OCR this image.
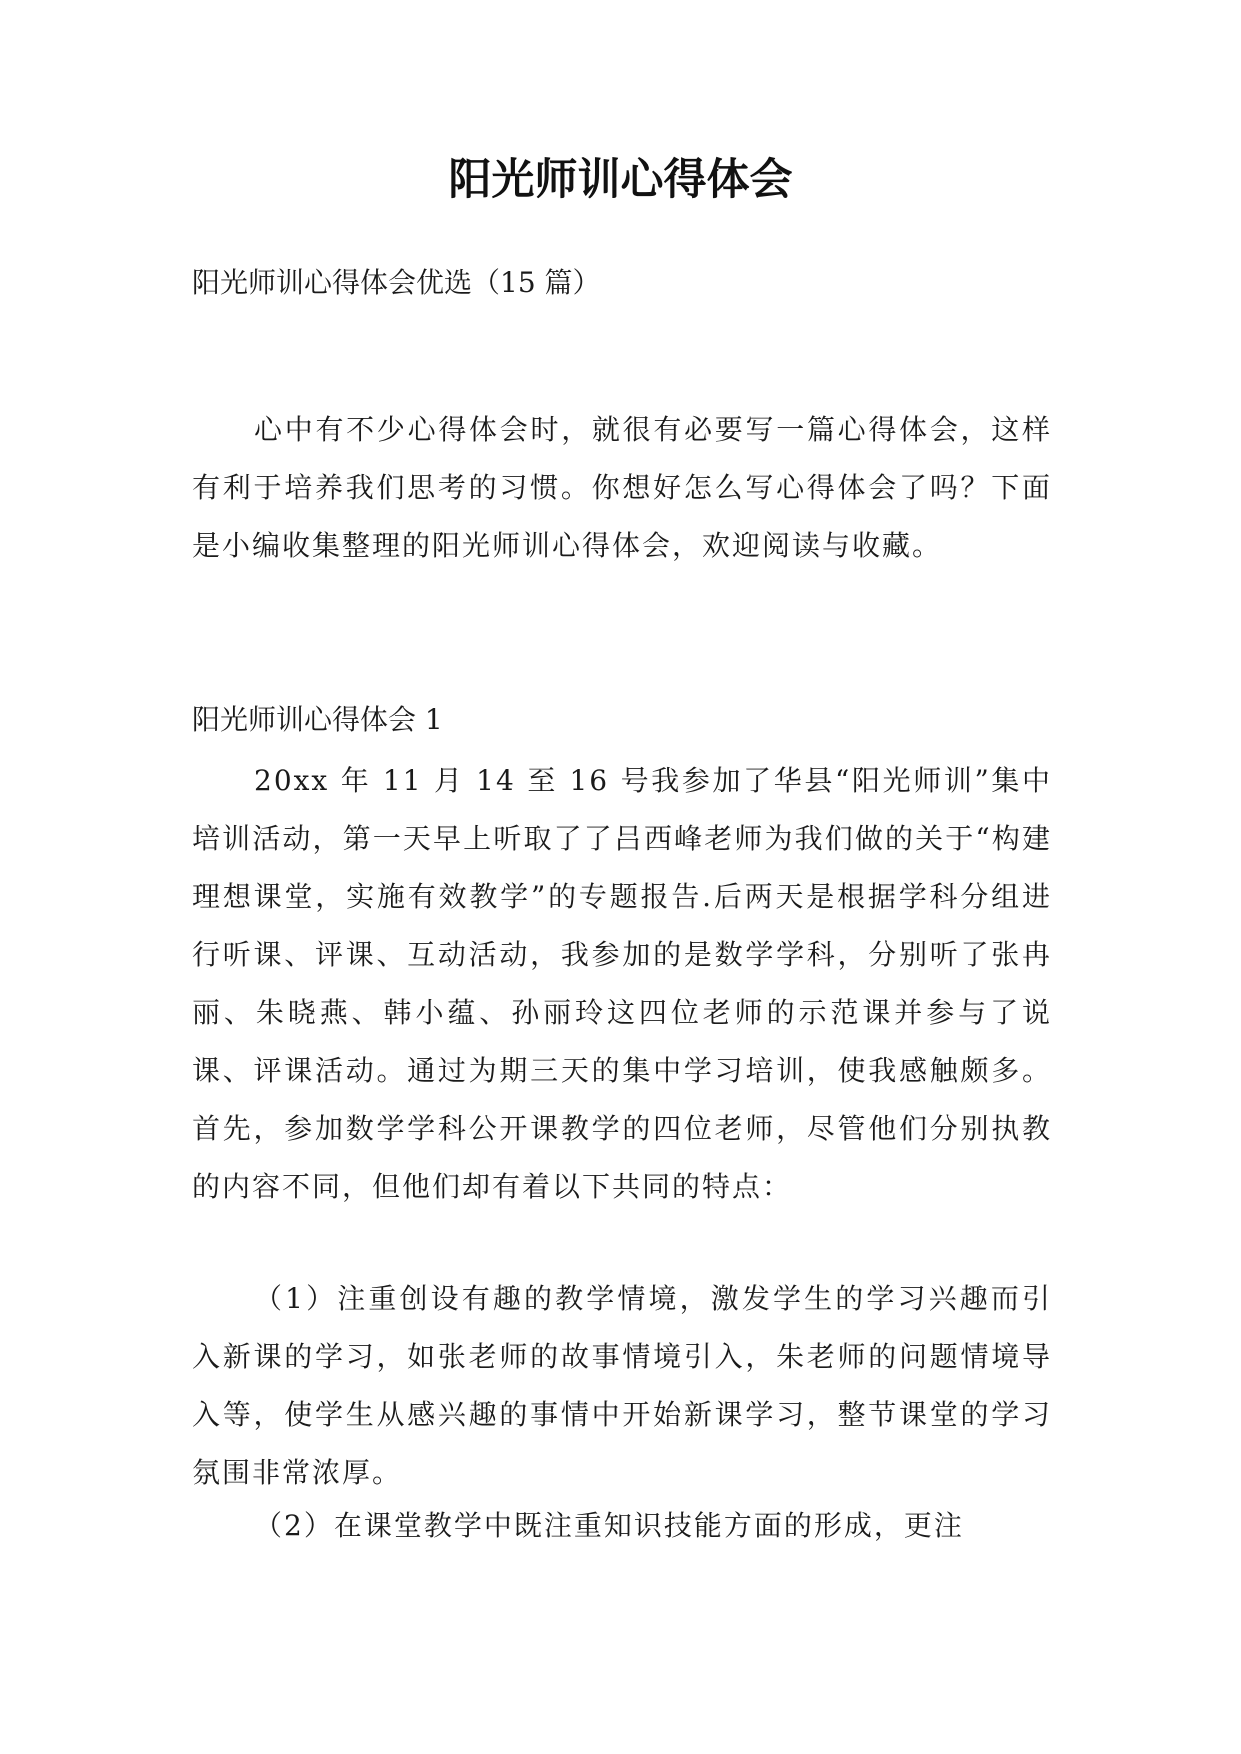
阳光师训心得体会

阳光师训心得体会优选（15 篇）

心中有不少心得体会时，就很有必要写一篇心得体会，这样有利于培养我们思考的习惯。你想好怎么写心得体会了吗？下面是小编收集整理的阳光师训心得体会，欢迎阅读与收藏。

阳光师训心得体会 1

20xx 年 11 月 14 至 16 号我参加了华县“阳光师训”集中培训活动，第一天早上听取了了吕西峰老师为我们做的关于“构建理想课堂，实施有效教学”的专题报告.后两天是根据学科分组进行听课、评课、互动活动，我参加的是数学学科，分别听了张冉丽、朱晓燕、韩小蕴、孙丽玲这四位老师的示范课并参与了说课、评课活动。通过为期三天的集中学习培训，使我感触颇多。首先，参加数学学科公开课教学的四位老师，尽管他们分别执教的内容不同，但他们却有着以下共同的特点：

（1）注重创设有趣的教学情境，激发学生的学习兴趣而引入新课的学习，如张老师的故事情境引入，朱老师的问题情境导入等，使学生从感兴趣的事情中开始新课学习，整节课堂的学习氛围非常浓厚。

（2）在课堂教学中既注重知识技能方面的形成，更注
